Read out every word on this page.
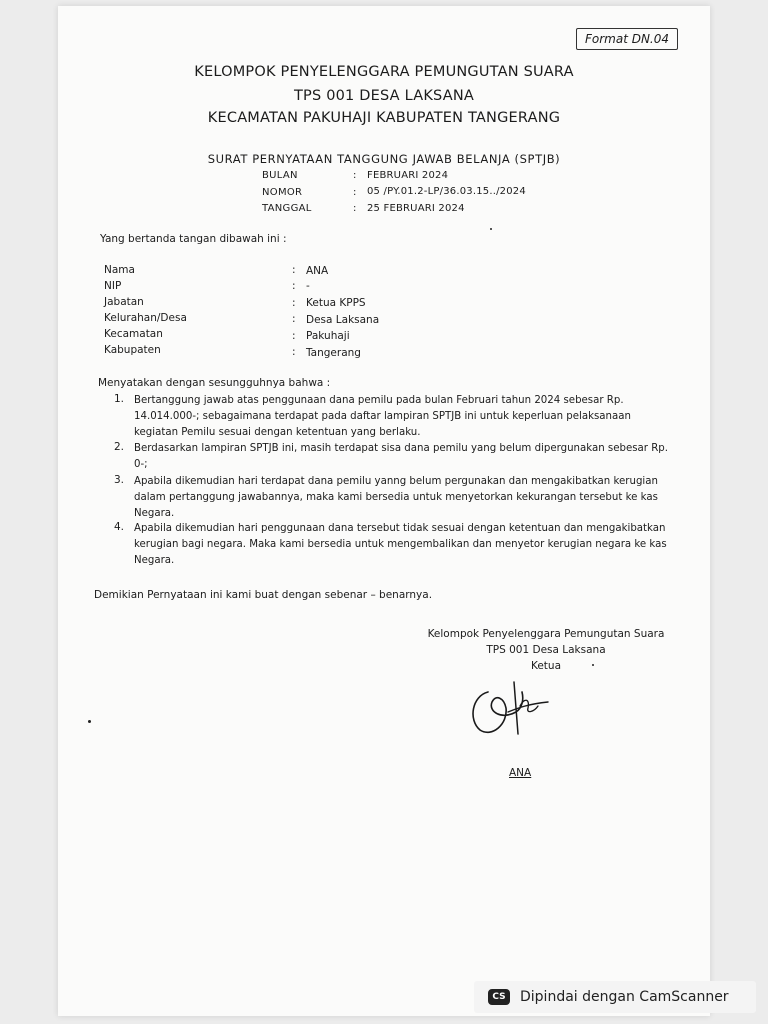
Format DN.04
KELOMPOK PENYELENGGARA PEMUNGUTAN SUARA
TPS 001 DESA LAKSANA
KECAMATAN PAKUHAJI KABUPATEN TANGERANG
SURAT PERNYATAAN TANGGUNG JAWAB BELANJA (SPTJB)
BULAN	: FEBRUARI 2024
NOMOR	: 05 /PY.01.2-LP/36.03.15../2024
TANGGAL	: 25 FEBRUARI 2024
Yang bertanda tangan dibawah ini :
Nama	: ANA
NIP	: -
Jabatan	: Ketua KPPS
Kelurahan/Desa	: Desa Laksana
Kecamatan	: Pakuhaji
Kabupaten	: Tangerang
Menyatakan dengan sesungguhnya bahwa :
1. Bertanggung jawab atas penggunaan dana pemilu pada bulan Februari tahun 2024 sebesar Rp. 14.014.000-; sebagaimana terdapat pada daftar lampiran SPTJB ini untuk keperluan pelaksanaan kegiatan Pemilu sesuai dengan ketentuan yang berlaku.
2. Berdasarkan lampiran SPTJB ini, masih terdapat sisa dana pemilu yang belum dipergunakan sebesar Rp. 0-;
3. Apabila dikemudian hari terdapat dana pemilu yanng belum pergunakan dan mengakibatkan kerugian dalam pertanggung jawabannya, maka kami bersedia untuk menyetorkan kekurangan tersebut ke kas Negara.
4. Apabila dikemudian hari penggunaan dana tersebut tidak sesuai dengan ketentuan dan mengakibatkan kerugian bagi negara. Maka kami bersedia untuk mengembalikan dan menyetor kerugian negara ke kas Negara.
Demikian Pernyataan ini kami buat dengan sebenar – benarnya.
Kelompok Penyelenggara Pemungutan Suara
TPS 001 Desa Laksana
Ketua
ANA
CS	Dipindai dengan CamScanner
